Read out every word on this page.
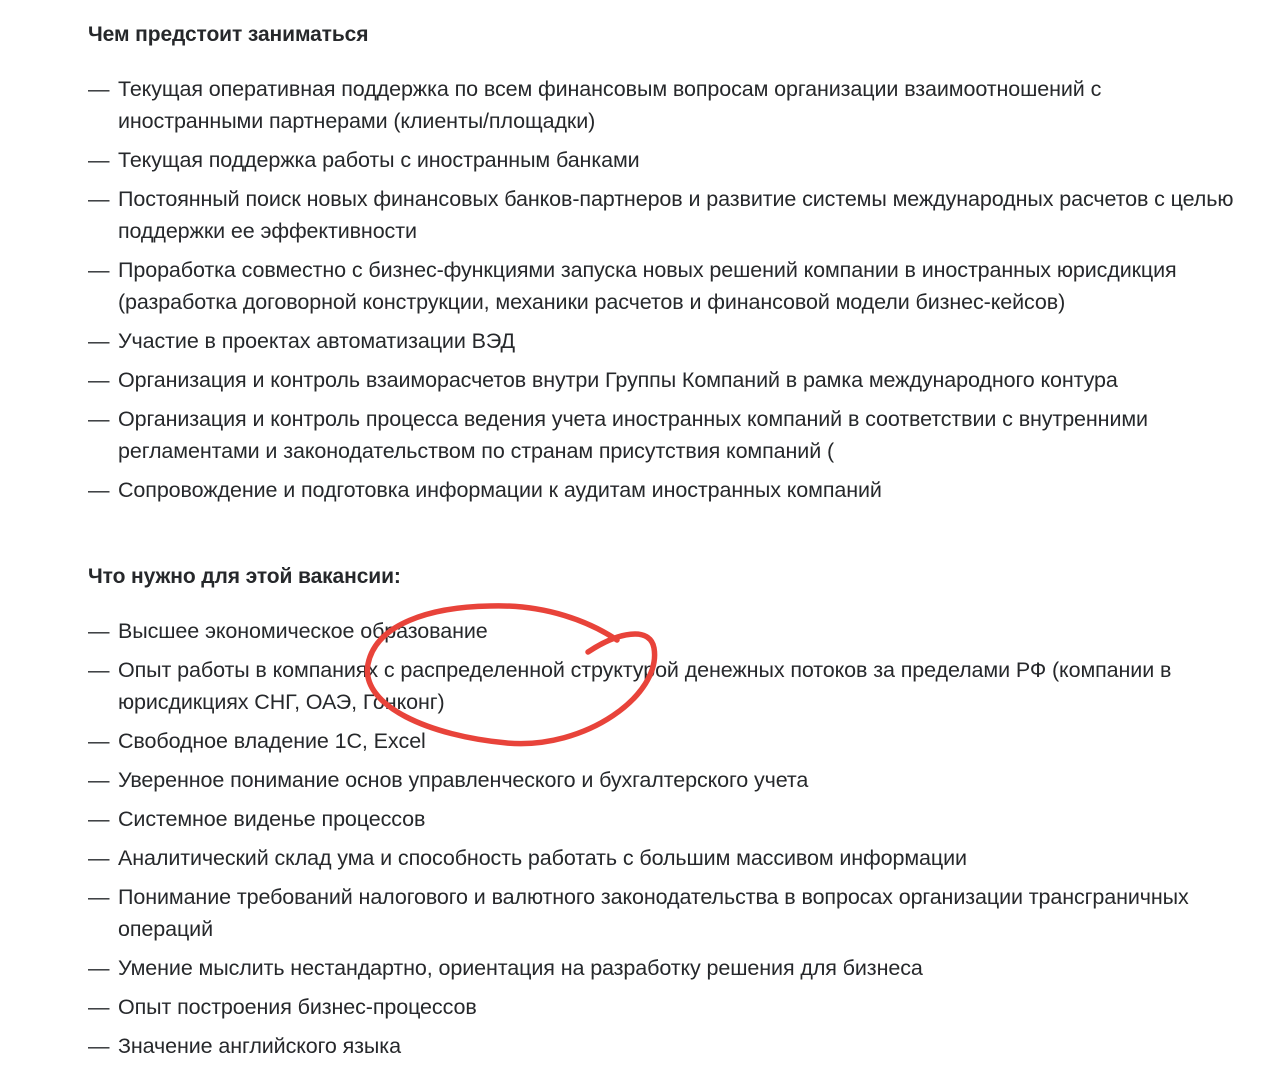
Чем предстоит заниматься
— Текущая оперативная поддержка по всем финансовым вопросам организации взаимоотношений с иностранными партнерами (клиенты/площадки)
— Текущая поддержка работы с иностранным банками
— Постоянный поиск новых финансовых банков-партнеров и развитие системы международных расчетов с целью поддержки ее эффективности
— Проработка совместно с бизнес-функциями запуска новых решений компании в иностранных юрисдикция (разработка договорной конструкции, механики расчетов и финансовой модели бизнес-кейсов)
— Участие в проектах автоматизации ВЭД
— Организация и контроль взаиморасчетов внутри Группы Компаний в рамка международного контура
— Организация и контроль процесса ведения учета иностранных компаний в соответствии с внутренними регламентами и законодательством по странам присутствия компаний (
— Сопровождение и подготовка информации к аудитам иностранных компаний
Что нужно для этой вакансии:
— Высшее экономическое образование
— Опыт работы в компаниях с распределенной структурой денежных потоков за пределами РФ (компании в юрисдикциях СНГ, ОАЭ, Гонконг)
— Свободное владение 1С, Excel
— Уверенное понимание основ управленческого и бухгалтерского учета
— Системное виденье процессов
— Аналитический склад ума и способность работать с большим массивом информации
— Понимание требований налогового и валютного законодательства в вопросах организации трансграничных операций
— Умение мыслить нестандартно, ориентация на разработку решения для бизнеса
— Опыт построения бизнес-процессов
— Значение английского языка
